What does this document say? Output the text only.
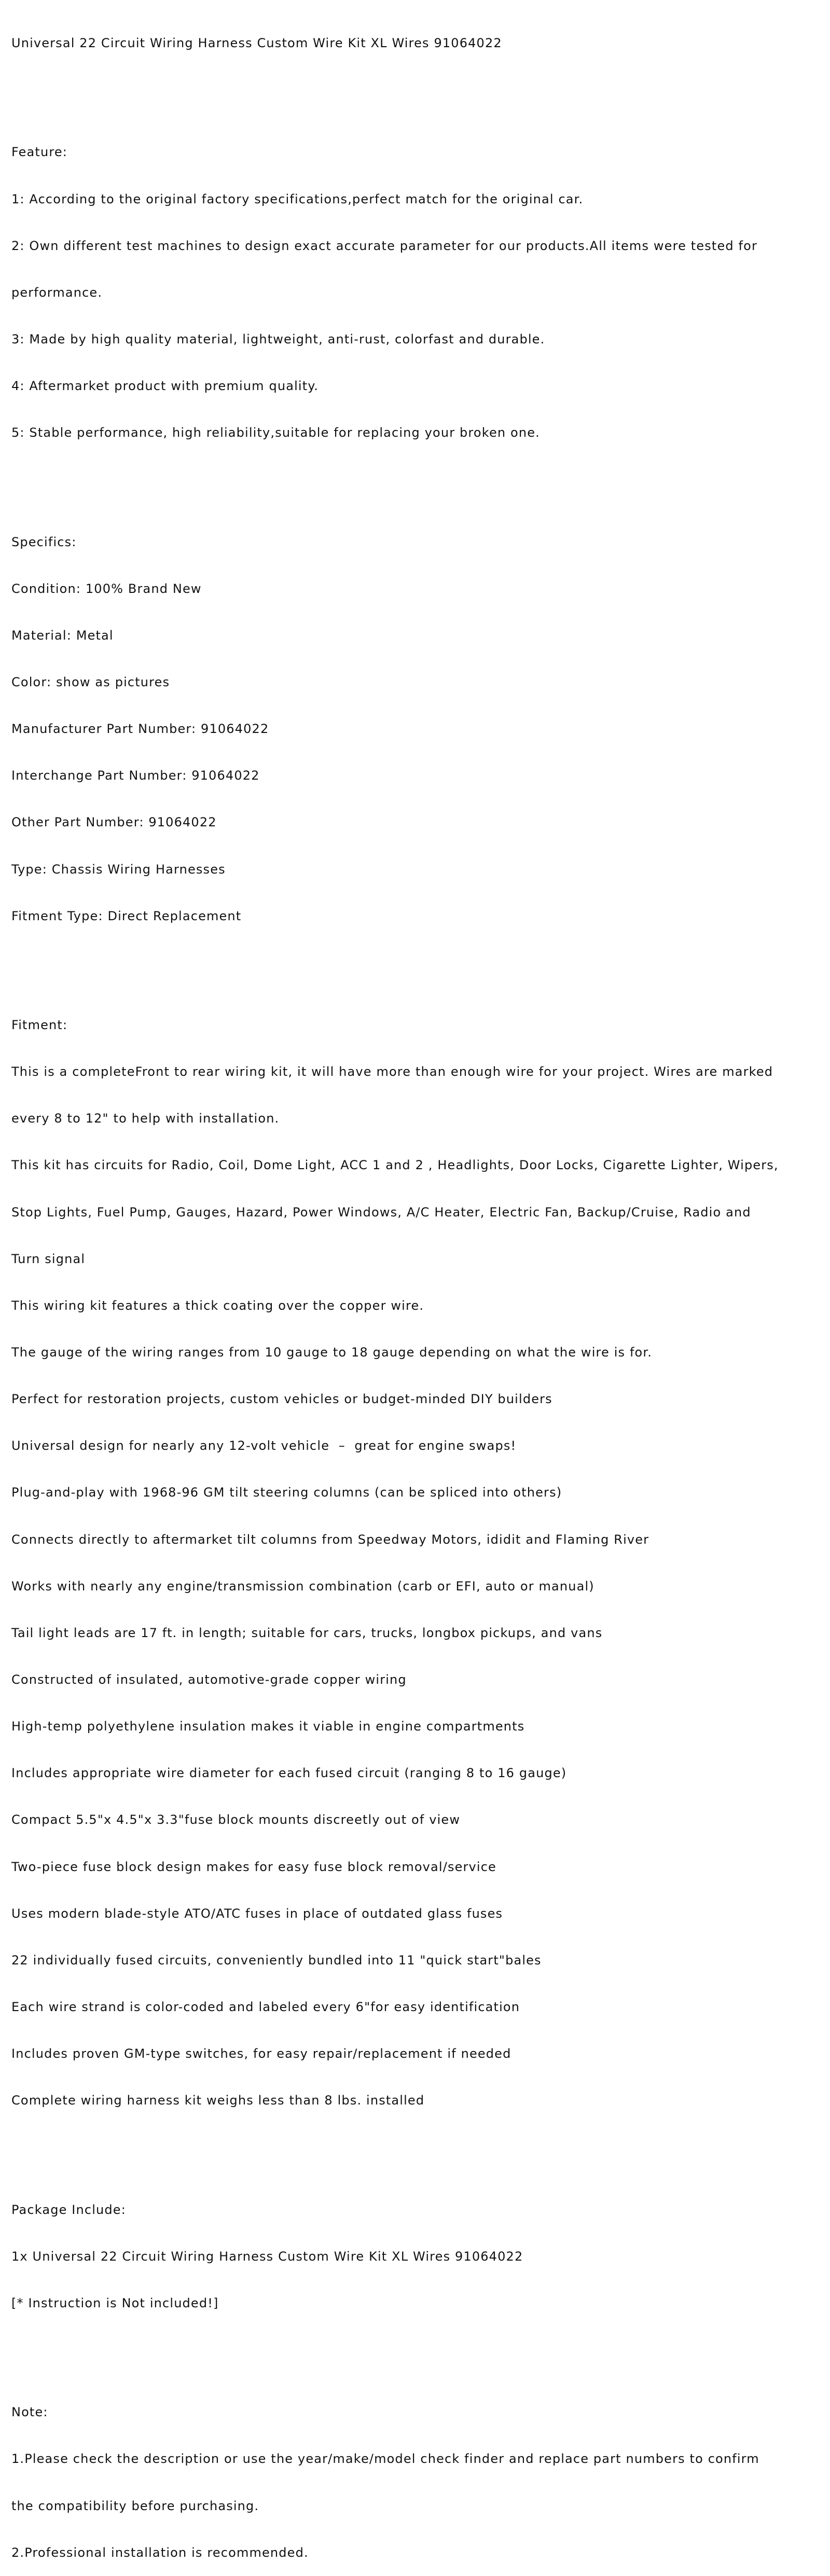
Universal 22 Circuit Wiring Harness Custom Wire Kit XL Wires 91064022

Feature:

1: According to the original factory specifications,perfect match for the original car.

2: Own different test machines to design exact accurate parameter for our products.All items were tested for

performance.

3: Made by high quality material, lightweight, anti-rust, colorfast and durable.

4: Aftermarket product with premium quality.

5: Stable performance, high reliability,suitable for replacing your broken one.

Specifics:

Condition: 100% Brand New

Material: Metal

Color: show as pictures

Manufacturer Part Number: 91064022

Interchange Part Number: 91064022

Other Part Number: 91064022

Type: Chassis Wiring Harnesses

Fitment Type: Direct Replacement

Fitment:

This is a completeFront to rear wiring kit, it will have more than enough wire for your project. Wires are marked

every 8 to 12" to help with installation.

This kit has circuits for Radio, Coil, Dome Light, ACC 1 and 2 , Headlights, Door Locks, Cigarette Lighter, Wipers,

Stop Lights, Fuel Pump, Gauges, Hazard, Power Windows, A/C Heater, Electric Fan, Backup/Cruise, Radio and

Turn signal

This wiring kit features a thick coating over the copper wire.

The gauge of the wiring ranges from 10 gauge to 18 gauge depending on what the wire is for.

Perfect for restoration projects, custom vehicles or budget-minded DIY builders

Universal design for nearly any 12-volt vehicle  –  great for engine swaps!

Plug-and-play with 1968-96 GM tilt steering columns (can be spliced into others)

Connects directly to aftermarket tilt columns from Speedway Motors, ididit and Flaming River

Works with nearly any engine/transmission combination (carb or EFI, auto or manual)

Tail light leads are 17 ft. in length; suitable for cars, trucks, longbox pickups, and vans

Constructed of insulated, automotive-grade copper wiring

High-temp polyethylene insulation makes it viable in engine compartments

Includes appropriate wire diameter for each fused circuit (ranging 8 to 16 gauge)

Compact 5.5"x 4.5"x 3.3"fuse block mounts discreetly out of view

Two-piece fuse block design makes for easy fuse block removal/service

Uses modern blade-style ATO/ATC fuses in place of outdated glass fuses

22 individually fused circuits, conveniently bundled into 11 "quick start"bales

Each wire strand is color-coded and labeled every 6"for easy identification

Includes proven GM-type switches, for easy repair/replacement if needed

Complete wiring harness kit weighs less than 8 lbs. installed

Package Include:

1x Universal 22 Circuit Wiring Harness Custom Wire Kit XL Wires 91064022

[* Instruction is Not included!]

Note:

1.Please check the description or use the year/make/model check finder and replace part numbers to confirm

the compatibility before purchasing.

2.Professional installation is recommended.
